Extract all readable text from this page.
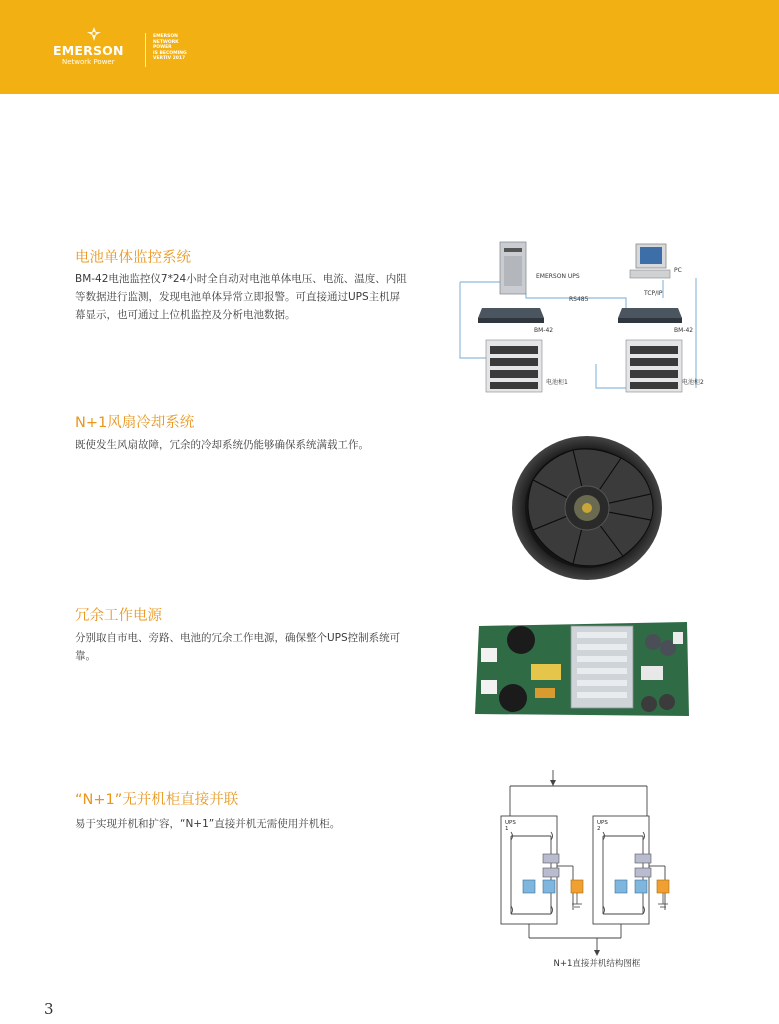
EMERSON
Network Power
EMERSON
NETWORK
POWER
IS BECOMING
VERTIV 2017
电池单体监控系统
BM-42电池监控仪7*24小时全自动对电池单体电压、电流、温度、内阻等数据进行监测，发现电池单体异常立即报警。可直接通过UPS主机屏幕显示，也可通过上位机监控及分析电池数据。
EMERSON UPS
PC
RS485
TCP/IP
BM-42	BM-42
电池柜1	电池柜2
N+1风扇冷却系统
既使发生风扇故障，冗余的冷却系统仍能够确保系统满载工作。
冗余工作电源
分别取自市电、旁路、电池的冗余工作电源，确保整个UPS控制系统可靠。
“N+1”无并机柜直接并联
易于实现并机和扩容，“N+1”直接并机无需使用并机柜。	UPS
1
UPS
2
N+1直接并机结构图框
3
